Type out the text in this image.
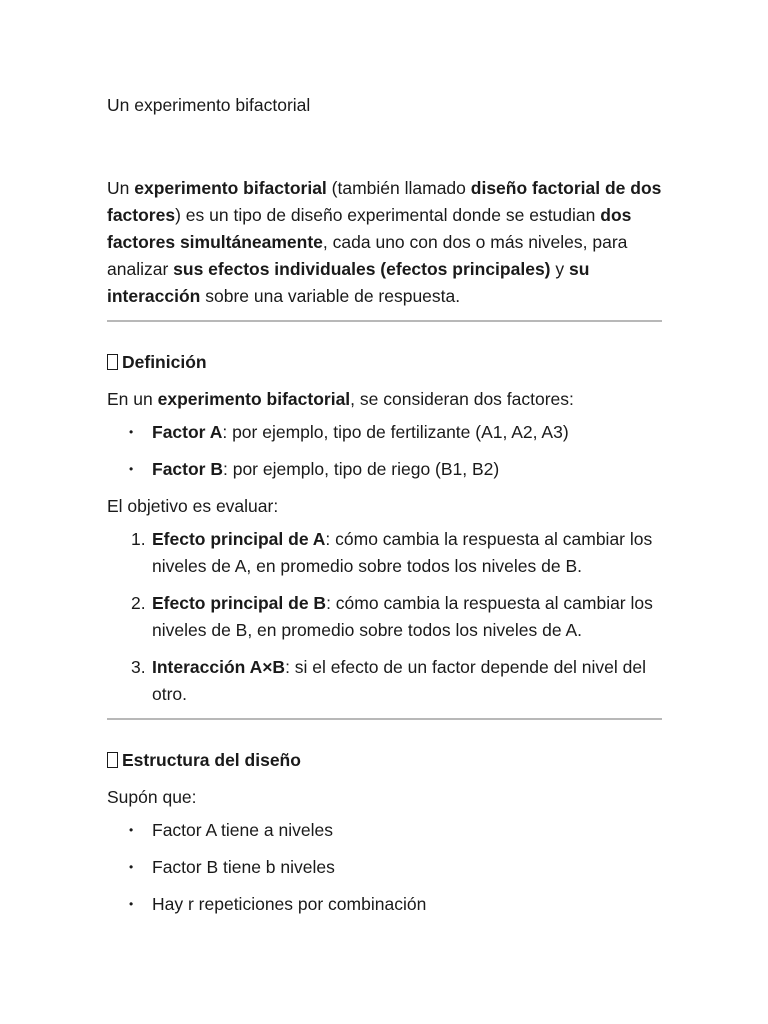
Un experimento bifactorial

Un experimento bifactorial (también llamado diseño factorial de dos factores) es un tipo de diseño experimental donde se estudian dos factores simultáneamente, cada uno con dos o más niveles, para analizar sus efectos individuales (efectos principales) y su interacción sobre una variable de respuesta.

Definición

En un experimento bifactorial, se consideran dos factores:

• Factor A: por ejemplo, tipo de fertilizante (A1, A2, A3)
• Factor B: por ejemplo, tipo de riego (B1, B2)

El objetivo es evaluar:

1. Efecto principal de A: cómo cambia la respuesta al cambiar los niveles de A, en promedio sobre todos los niveles de B.
2. Efecto principal de B: cómo cambia la respuesta al cambiar los niveles de B, en promedio sobre todos los niveles de A.
3. Interacción A×B: si el efecto de un factor depende del nivel del otro.
Estructura del diseño

Supón que:

• Factor A tiene a niveles
• Factor B tiene b niveles
• Hay r repeticiones por combinación
